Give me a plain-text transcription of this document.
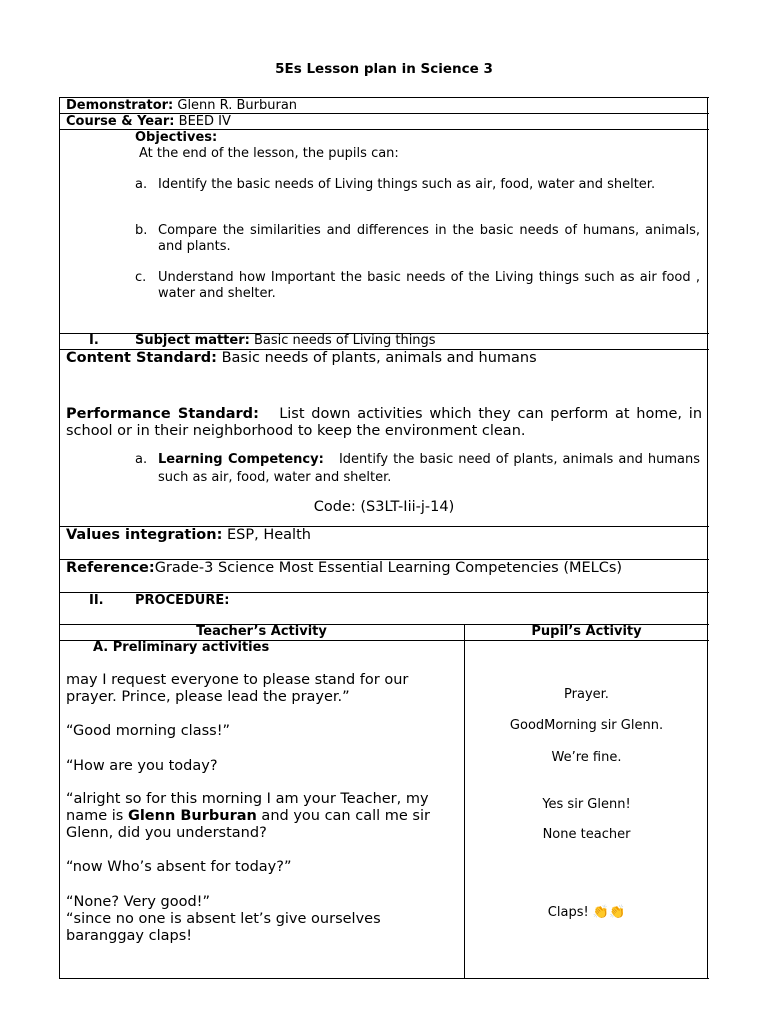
5Es Lesson plan in Science 3
Demonstrator: Glenn R. Burburan
Course & Year: BEED IV
Objectives:
At the end of the lesson, the pupils can:
a. Identify the basic needs of Living things such as air, food, water and shelter.
b. Compare the similarities and differences in the basic needs of humans, animals, and plants.
c. Understand how Important the basic needs of the Living things such as air food , water and shelter.
I.	Subject matter: Basic needs of Living things
Content Standard: Basic needs of plants, animals and humans
Performance Standard: List down activities which they can perform at home, in school or in their neighborhood to keep the environment clean.
a. Learning Competency: Identify the basic need of plants, animals and humans such as air, food, water and shelter.
Code: (S3LT-Iii-j-14)
Values integration: ESP, Health
Reference:Grade-3 Science Most Essential Learning Competencies (MELCs)
II. PROCEDURE:
Teacher’s Activity	Pupil’s Activity
A. Preliminary activities
may I request everyone to please stand for our prayer. Prince, please lead the prayer.”
“Good morning class!”
“How are you today?
“alright so for this morning I am your Teacher, my name is Glenn Burburan and you can call me sir Glenn, did you understand?
“now Who’s absent for today?”
“None? Very good!”
“since no one is absent let’s give ourselves baranggay claps!
Prayer.
GoodMorning sir Glenn.
We’re fine.
Yes sir Glenn!
None teacher
Claps! 👏👏
